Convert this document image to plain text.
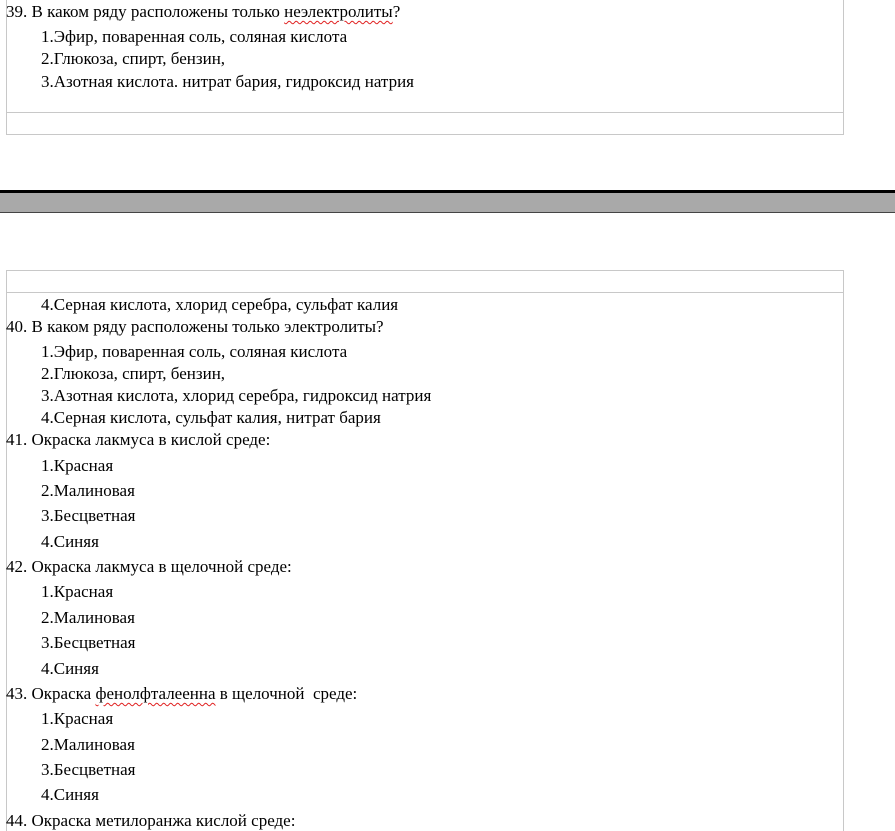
39. В каком ряду расположены только неэлектролиты?
1.Эфир, поваренная соль, соляная кислота
2.Глюкоза, спирт, бензин,
3.Азотная кислота. нитрат бария, гидроксид натрия
4.Серная кислота, хлорид серебра, сульфат калия
40. В каком ряду расположены только электролиты?
1.Эфир, поваренная соль, соляная кислота
2.Глюкоза, спирт, бензин,
3.Азотная кислота, хлорид серебра, гидроксид натрия
4.Серная кислота, сульфат калия, нитрат бария
41. Окраска лакмуса в кислой среде:
1.Красная
2.Малиновая
3.Бесцветная
4.Синяя
42. Окраска лакмуса в щелочной среде:
1.Красная
2.Малиновая
3.Бесцветная
4.Синяя
43. Окраска фенолфталеенна в щелочной  среде:
1.Красная
2.Малиновая
3.Бесцветная
4.Синяя
44. Окраска метилоранжа кислой среде:
